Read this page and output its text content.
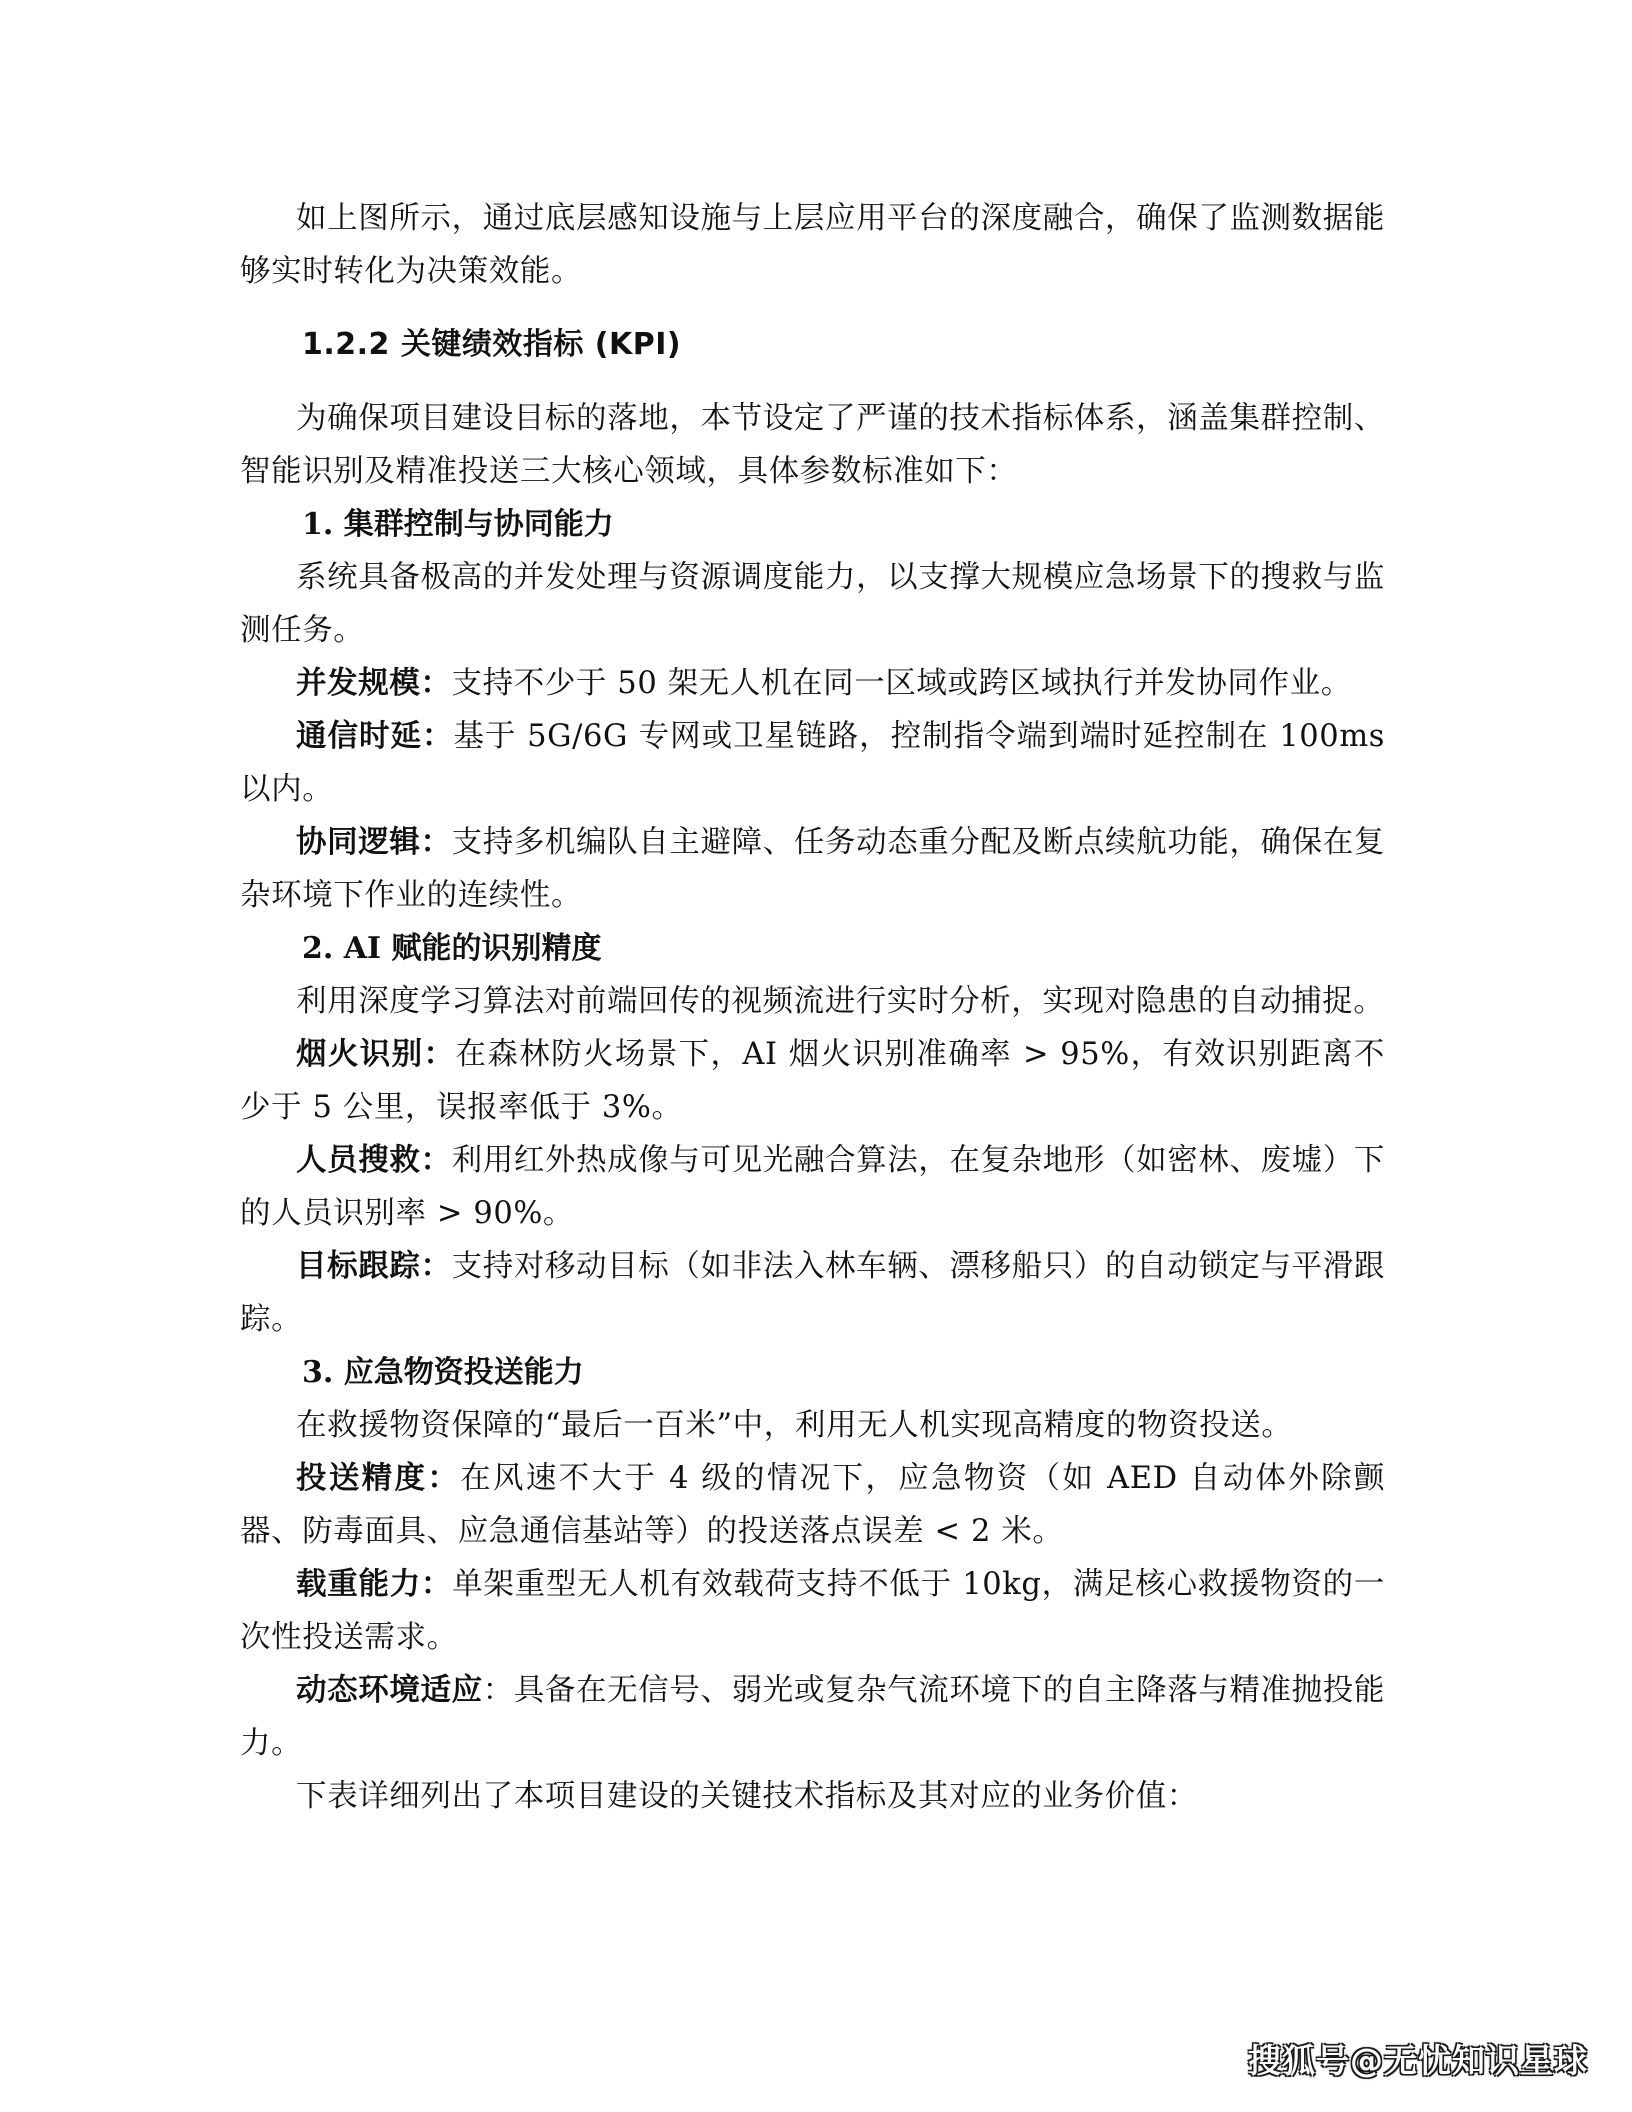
如上图所示，通过底层感知设施与上层应用平台的深度融合，确保了监测数据能够实时转化为决策效能。

1.2.2 关键绩效指标 (KPI)

为确保项目建设目标的落地，本节设定了严谨的技术指标体系，涵盖集群控制、智能识别及精准投送三大核心领域，具体参数标准如下：

1. 集群控制与协同能力

系统具备极高的并发处理与资源调度能力，以支撑大规模应急场景下的搜救与监测任务。

并发规模：支持不少于 50 架无人机在同一区域或跨区域执行并发协同作业。

通信时延：基于 5G/6G 专网或卫星链路，控制指令端到端时延控制在 100ms 以内。

协同逻辑：支持多机编队自主避障、任务动态重分配及断点续航功能，确保在复杂环境下作业的连续性。

2. AI 赋能的识别精度

利用深度学习算法对前端回传的视频流进行实时分析，实现对隐患的自动捕捉。

烟火识别：在森林防火场景下，AI 烟火识别准确率 > 95%，有效识别距离不少于 5 公里，误报率低于 3%。

人员搜救：利用红外热成像与可见光融合算法，在复杂地形（如密林、废墟）下的人员识别率 > 90%。

目标跟踪：支持对移动目标（如非法入林车辆、漂移船只）的自动锁定与平滑跟踪。

3. 应急物资投送能力

在救援物资保障的“最后一百米”中，利用无人机实现高精度的物资投送。

投送精度：在风速不大于 4 级的情况下，应急物资（如 AED 自动体外除颤器、防毒面具、应急通信基站等）的投送落点误差 < 2 米。

载重能力：单架重型无人机有效载荷支持不低于 10kg，满足核心救援物资的一次性投送需求。

动态环境适应：具备在无信号、弱光或复杂气流环境下的自主降落与精准抛投能力。

下表详细列出了本项目建设的关键技术指标及其对应的业务价值：

搜狐号@无忧知识星球
